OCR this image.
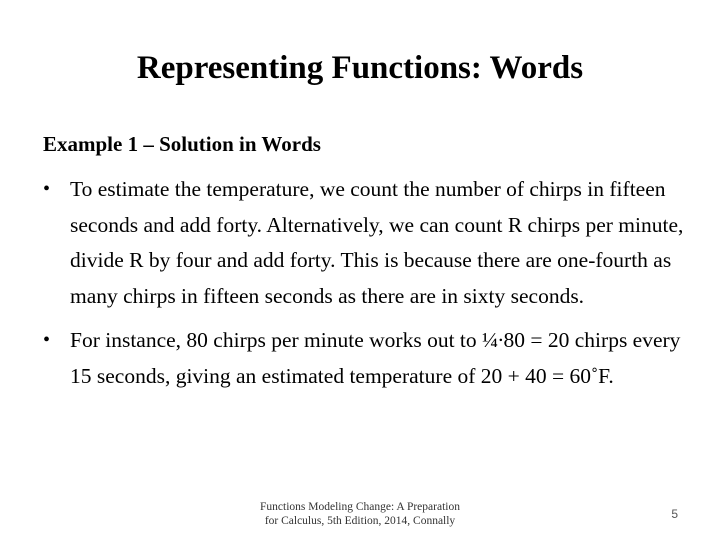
Representing Functions: Words
Example 1 – Solution in Words
• To estimate the temperature, we count the number of chirps in fifteen seconds and add forty. Alternatively, we can count R chirps per minute, divide R by four and add forty. This is because there are one-fourth as many chirps in fifteen seconds as there are in sixty seconds.
• For instance, 80 chirps per minute works out to ¼∙80 = 20 chirps every 15 seconds, giving an estimated temperature of 20 + 40 = 60˚F.
Functions Modeling Change: A Preparation
for Calculus, 5th Edition, 2014, Connally	5
